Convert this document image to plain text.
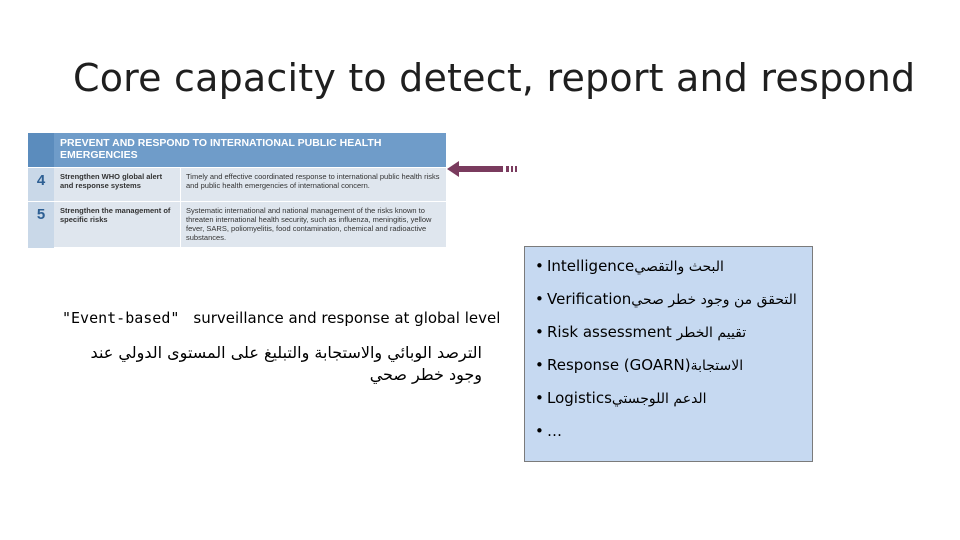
Core capacity to detect, report and respond
PREVENT AND RESPOND TO INTERNATIONAL PUBLIC HEALTH EMERGENCIES
4	Strengthen WHO global alert and response systems
Timely and effective coordinated response to international public health risks and public health emergencies of international concern.
5	Strengthen the management of specific risks
Systematic international and national management of the risks known to threaten international health security, such as influenza, meningitis, yellow fever, SARS, poliomyelitis, food contamination, chemical and radioactive substances.
"Event-based" surveillance and response at global level
الترصد الوبائي والاستجابة والتبليغ على المستوى الدولي عند وجود خطر صحي
• Intelligenceالبحث والتقصي
• Verificationالتحقق من وجود خطر صحي
• Risk assessment تقييم الخطر
• Response (GOARN)الاستجابة
• Logisticsالدعم اللوجستي
• …
